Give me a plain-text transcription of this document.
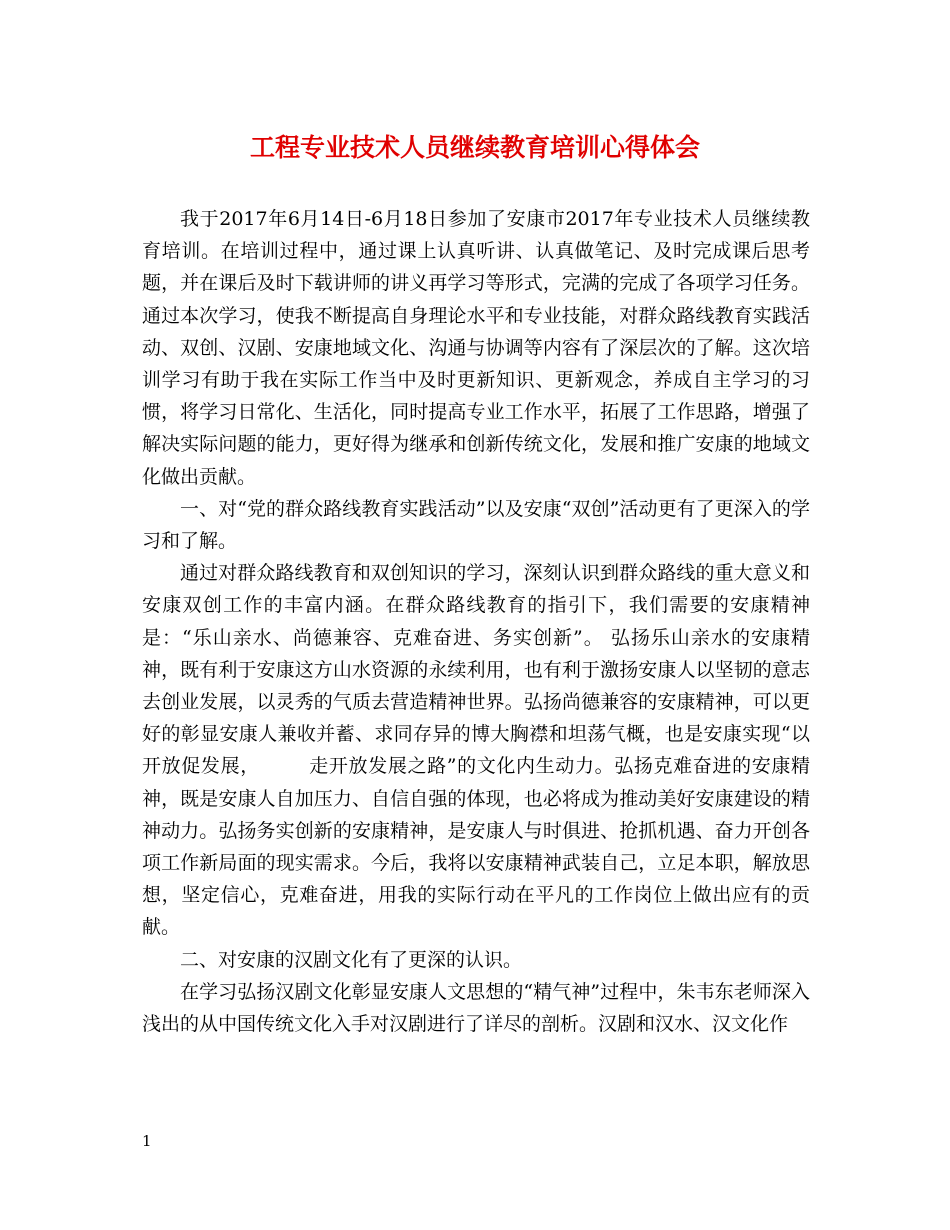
工程专业技术人员继续教育培训心得体会

我于2017年6月14日-6月18日参加了安康市2017年专业技术人员继续教育培训。在培训过程中，通过课上认真听讲、认真做笔记、及时完成课后思考题，并在课后及时下载讲师的讲义再学习等形式，完满的完成了各项学习任务。通过本次学习，使我不断提高自身理论水平和专业技能，对群众路线教育实践活动、双创、汉剧、安康地域文化、沟通与协调等内容有了深层次的了解。这次培训学习有助于我在实际工作当中及时更新知识、更新观念，养成自主学习的习惯，将学习日常化、生活化，同时提高专业工作水平，拓展了工作思路，增强了解决实际问题的能力，更好得为继承和创新传统文化，发展和推广安康的地域文化做出贡献。

一、对“党的群众路线教育实践活动”以及安康“双创”活动更有了更深入的学习和了解。

通过对群众路线教育和双创知识的学习，深刻认识到群众路线的重大意义和安康双创工作的丰富内涵。在群众路线教育的指引下，我们需要的安康精神是：“乐山亲水、尚德兼容、克难奋进、务实创新”。 弘扬乐山亲水的安康精神，既有利于安康这方山水资源的永续利用，也有利于激扬安康人以坚韧的意志去创业发展，以灵秀的气质去营造精神世界。弘扬尚德兼容的安康精神，可以更好的彰显安康人兼收并蓄、求同存异的博大胸襟和坦荡气概，也是安康实现“以开放促发展，　　　走开放发展之路”的文化内生动力。弘扬克难奋进的安康精神，既是安康人自加压力、自信自强的体现，也必将成为推动美好安康建设的精神动力。弘扬务实创新的安康精神，是安康人与时俱进、抢抓机遇、奋力开创各项工作新局面的现实需求。今后，我将以安康精神武装自己，立足本职，解放思想，坚定信心，克难奋进，用我的实际行动在平凡的工作岗位上做出应有的贡献。

二、对安康的汉剧文化有了更深的认识。

在学习弘扬汉剧文化彰显安康人文思想的“精气神”过程中，朱韦东老师深入浅出的从中国传统文化入手对汉剧进行了详尽的剖析。汉剧和汉水、汉文化作

1
